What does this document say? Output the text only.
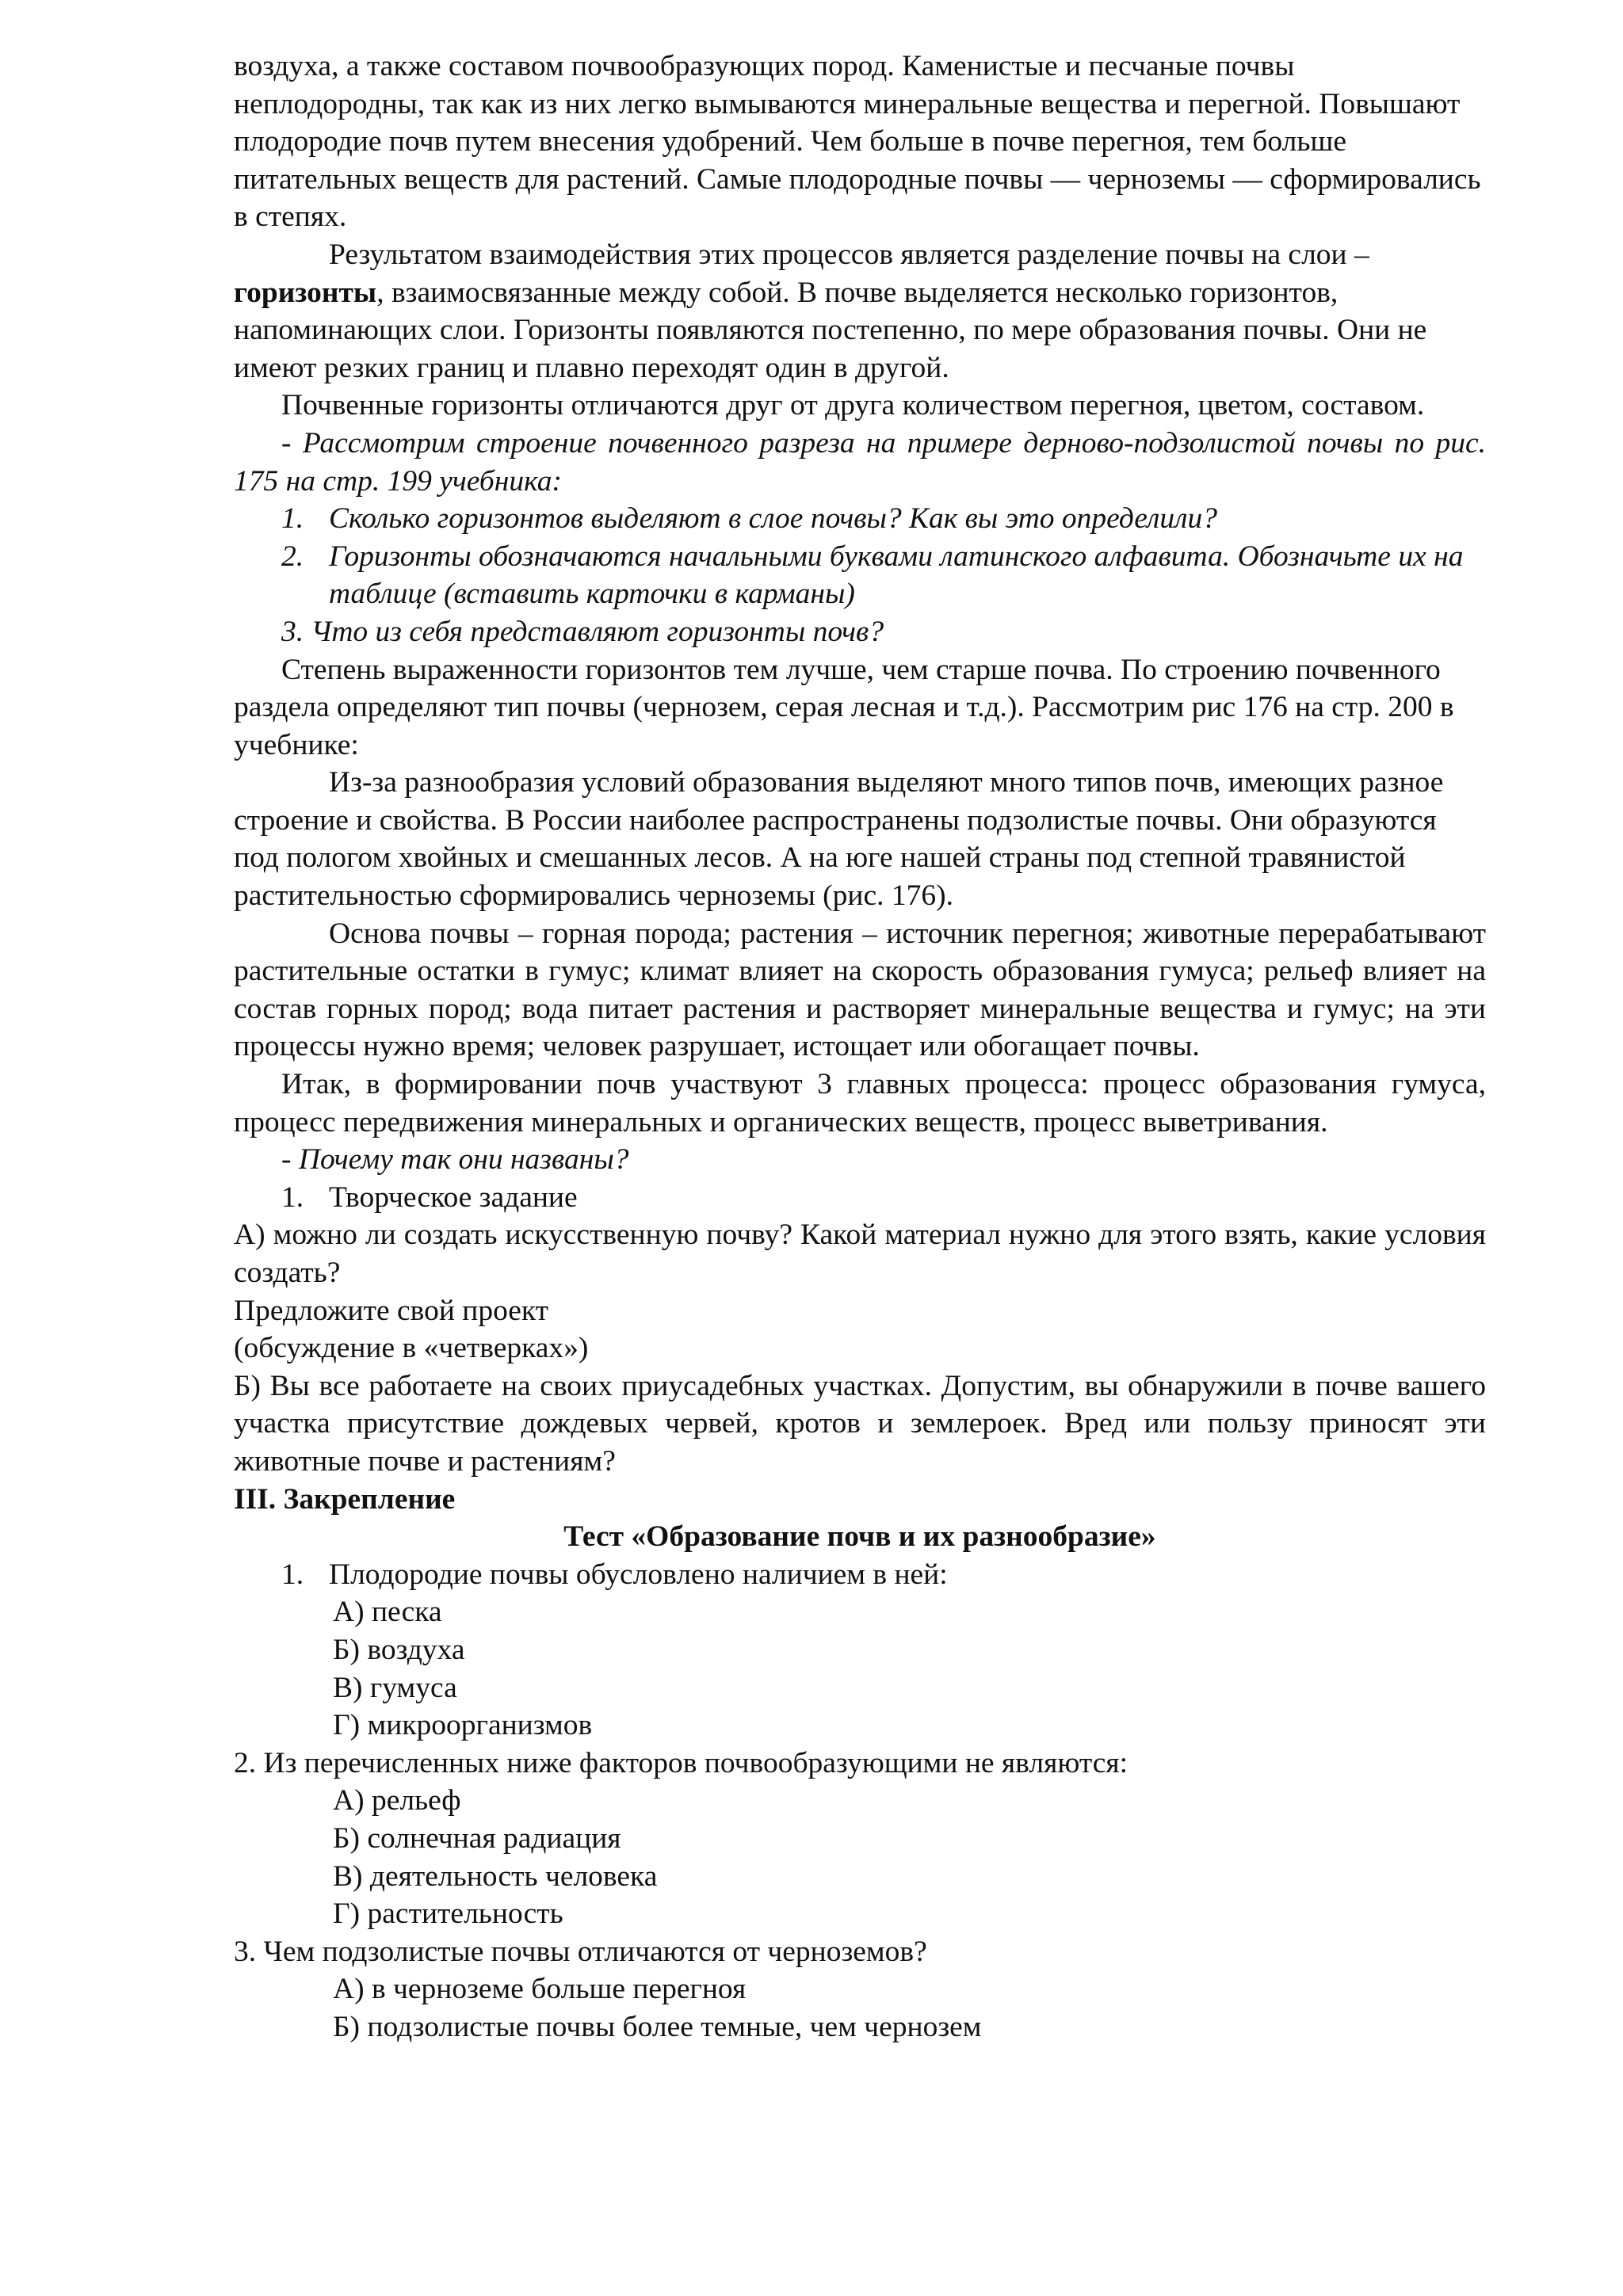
воздуха, а также составом почвообразующих пород. Каменистые и песчаные почвы неплодородны, так как из них легко вымываются минеральные вещества и перегной. Повышают плодородие почв путем внесения удобрений. Чем больше в почве перегноя, тем больше питательных веществ для растений. Самые плодородные почвы — черноземы — сформировались в степях.

Результатом взаимодействия этих процессов является разделение почвы на слои – горизонты, взаимосвязанные между собой. В почве выделяется несколько горизонтов, напоминающих слои. Горизонты появляются постепенно, по мере образования почвы. Они не имеют резких границ и плавно переходят один в другой.

Почвенные горизонты отличаются друг от друга количеством перегноя, цветом, составом.

- Рассмотрим строение почвенного разреза на примере дерново-подзолистой почвы по рис. 175 на стр. 199 учебника:

1. Сколько горизонтов выделяют в слое почвы? Как вы это определили?
2. Горизонты обозначаются начальными буквами латинского алфавита. Обозначьте их на таблице (вставить карточки в карманы)

3. Что из себя представляют горизонты почв?

Степень выраженности горизонтов тем лучше, чем старше почва. По строению почвенного раздела определяют тип почвы (чернозем, серая лесная и т.д.). Рассмотрим рис 176 на стр. 200 в учебнике:

Из-за разнообразия условий образования выделяют много типов почв, имеющих разное строение и свойства. В России наиболее распространены подзолистые почвы. Они образуются под пологом хвойных и смешанных лесов. А на юге нашей страны под степной травянистой растительностью сформировались черноземы (рис. 176).

Основа почвы – горная порода; растения – источник перегноя; животные перерабатывают растительные остатки в гумус; климат влияет на скорость образования гумуса; рельеф влияет на состав горных пород; вода питает растения и растворяет минеральные вещества и гумус; на эти процессы нужно время; человек разрушает, истощает или обогащает почвы.

Итак, в формировании почв участвуют 3 главных процесса: процесс образования гумуса, процесс передвижения минеральных и органических веществ, процесс выветривания.

- Почему так они названы?

1. Творческое задание

А) можно ли создать искусственную почву? Какой материал нужно для этого взять, какие условия создать?

Предложите свой проект

(обсуждение в «четверках»)

Б) Вы все работаете на своих приусадебных участках. Допустим, вы обнаружили в почве вашего участка присутствие дождевых червей, кротов и землероек. Вред или пользу приносят эти животные почве и растениям?

III. Закрепление

Тест «Образование почв и их разнообразие»

1. Плодородие почвы обусловлено наличием в ней:

А) песка

Б) воздуха

В) гумуса

Г) микроорганизмов

2. Из перечисленных ниже факторов почвообразующими не являются:

А) рельеф

Б) солнечная радиация

В) деятельность человека

Г) растительность

3. Чем подзолистые почвы отличаются от черноземов?

А) в черноземе больше перегноя

Б) подзолистые почвы более темные, чем чернозем
